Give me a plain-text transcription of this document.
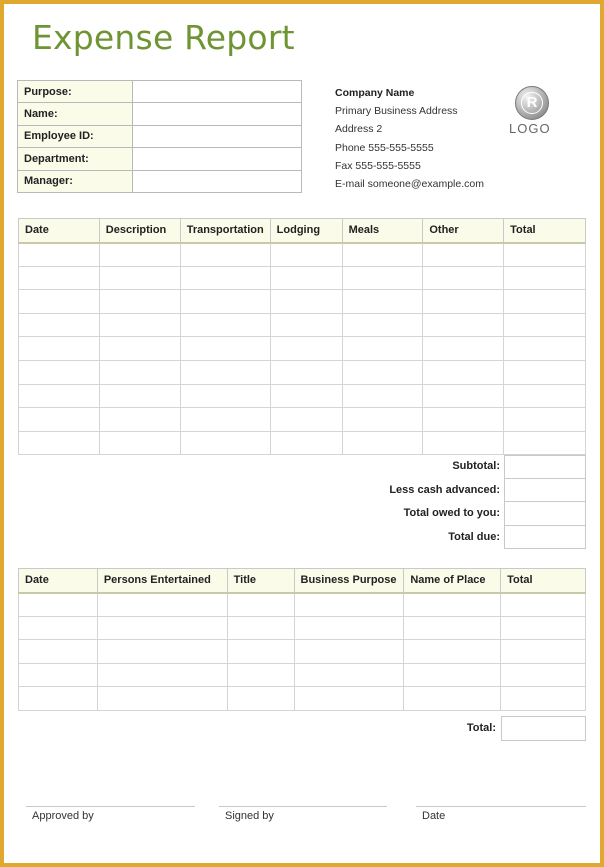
Expense Report
Purpose:	
Name:	
Employee ID:	
Department:	
Manager:	
Company Name
Primary Business Address
Address 2
Phone 555-555-5555
Fax 555-555-5555
E-mail someone@example.com
R
LOGO
Date	Description	Transportation	Lodging	Meals	Other	Total

Subtotal:
Less cash advanced:
Total owed to you:
Total due:
Date	Persons Entertained	Title	Business Purpose	Name of Place	Total

Total:
Approved by	Signed by	Date
